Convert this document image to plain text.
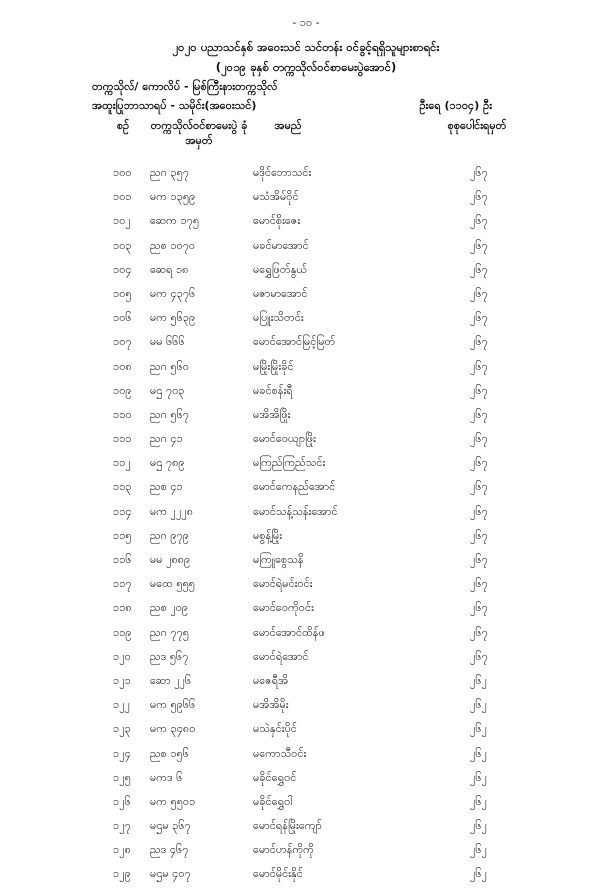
- ၁၀ -
၂၀၂၀ ပညာသင်နှစ် အဝေးသင် သင်တန်း ဝင်ခွင့်ရရှိသူများစာရင်း
(၂၀၁၉ ခုနှစ် တက္ကသိုလ်ဝင်စာမေးပွဲအောင်)
တက္ကသိုလ်/ ကောလိပ် - မြစ်ကြီးနားတက္ကသိုလ်
အထူးပြုဘာသာရပ် - သမိုင်း(အဝေးသင်)	ဦးရေ (၁၁၀၄) ဦး
စဉ်	တက္ကသိုလ်ဝင်စာမေးပွဲ ခုံအမှတ်
အမည်	စုစုပေါင်းရမှတ်
၁၀၀ ညဂ ၃၅၇	မဒိုင်ဘောသင်း	၂၆၇
၁၀၁ မက ၁၃၅၉	မသံအိမ်ဝိုင်	၂၆၇
၁၀၂ ဆေက ၁၇၅	မောင်စိုးဇေး	၂၆၇
၁၀၃ ညစ ၁၀၇၀	မခင်မာအောင်	၂၆၇
၁၀၄ ဆေရ ၁၈	မရွှေဖြတ်နွယ်	၂၆၇
၁၀၅ မက ၄၃၇၆	မဇာမာအောင်	၂၆၇
၁၀၆ မက ၅၆၃၉	မပြူးသိတင်း	၂၆၇
၁၀၇ မမ ၆၆၆	မောင်အောင်မြင့်မြတ်	၂၆၇
၁၀၈ ညဂ ၅၆၀	မမြိုးမြိုးခိုင်	၂၆၇
၁၀၉ မဌ ၇၀၃	မခင်စန်းရီ	၂၆၇
၁၁၀ ညဂ ၅၆၇	မအိအိဖြိုး	၂၆၇
၁၁၁ ညဂ ၄၁	မောင်ဝေယျာဖြိုး	၂၆၇
၁၁၂ မဌ ၇၈၉	မကြည်ကြည်သင်း	၂၆၇
၁၁၃ ညစ ၄၁	မောင်ကေနည်အောင်	၂၆၇
၁၁၄ မက ၂၂၂၈	မောင်သန့်သန်းအောင်	၂၆၇
၁၁၅ ညဂ ၉၇၉	မစွန့်မြိုး	၂၆၇
၁၁၆ မမ ၂၈၈၉	မကြူစွေသနိ	၂၆၇
၁၁၇ မထေ ၅၅၅	မောင်ရဲမင်းဝင်း	၂၆၇
၁၁၈ ညစ ၂၀၉	မောင်ဝေကိုဝင်း	၂၆၇
၁၁၉ ညဂ ၇၇၅	မောင်အောင်ထိန်ဖ	၂၆၇
၁၂၀ ညဒ ၅၆၇	မောင်ရဲအောင်	၂၆၇
၁၂၁ ဆော ၂၂၆	မဇေရီအိ	၂၆၂
၁၂၂ မက ၅၉၆၆	မအိအိမိုး	၂၆၂
၁၂၃ မက ၃၄၈၀	မသဲနှင်းပိုင်	၂၆၂
၁၂၄ ညစ ၁၅၆	မကောသီဝင်း	၂၆၂
၁၂၅ မကဒ ၆	မခိုင်ရွှေဝင်	၂၆၂
၁၂၆ မက ၅၅၀၁	မခိုင်ရွှေဝါ	၂၆၂
၁၂၇ မဌမ ၃၆၇	မောင်ရန်မြိုးကျော်	၂၆၂
၁၂၈ ညဒ ၄၆၇	မောင်ပာန်ကိုကို	၂၆၂
၁၂၉ မဌမ ၄၀၇	မောင်မိုင်းနိုင်	၂၆၂
